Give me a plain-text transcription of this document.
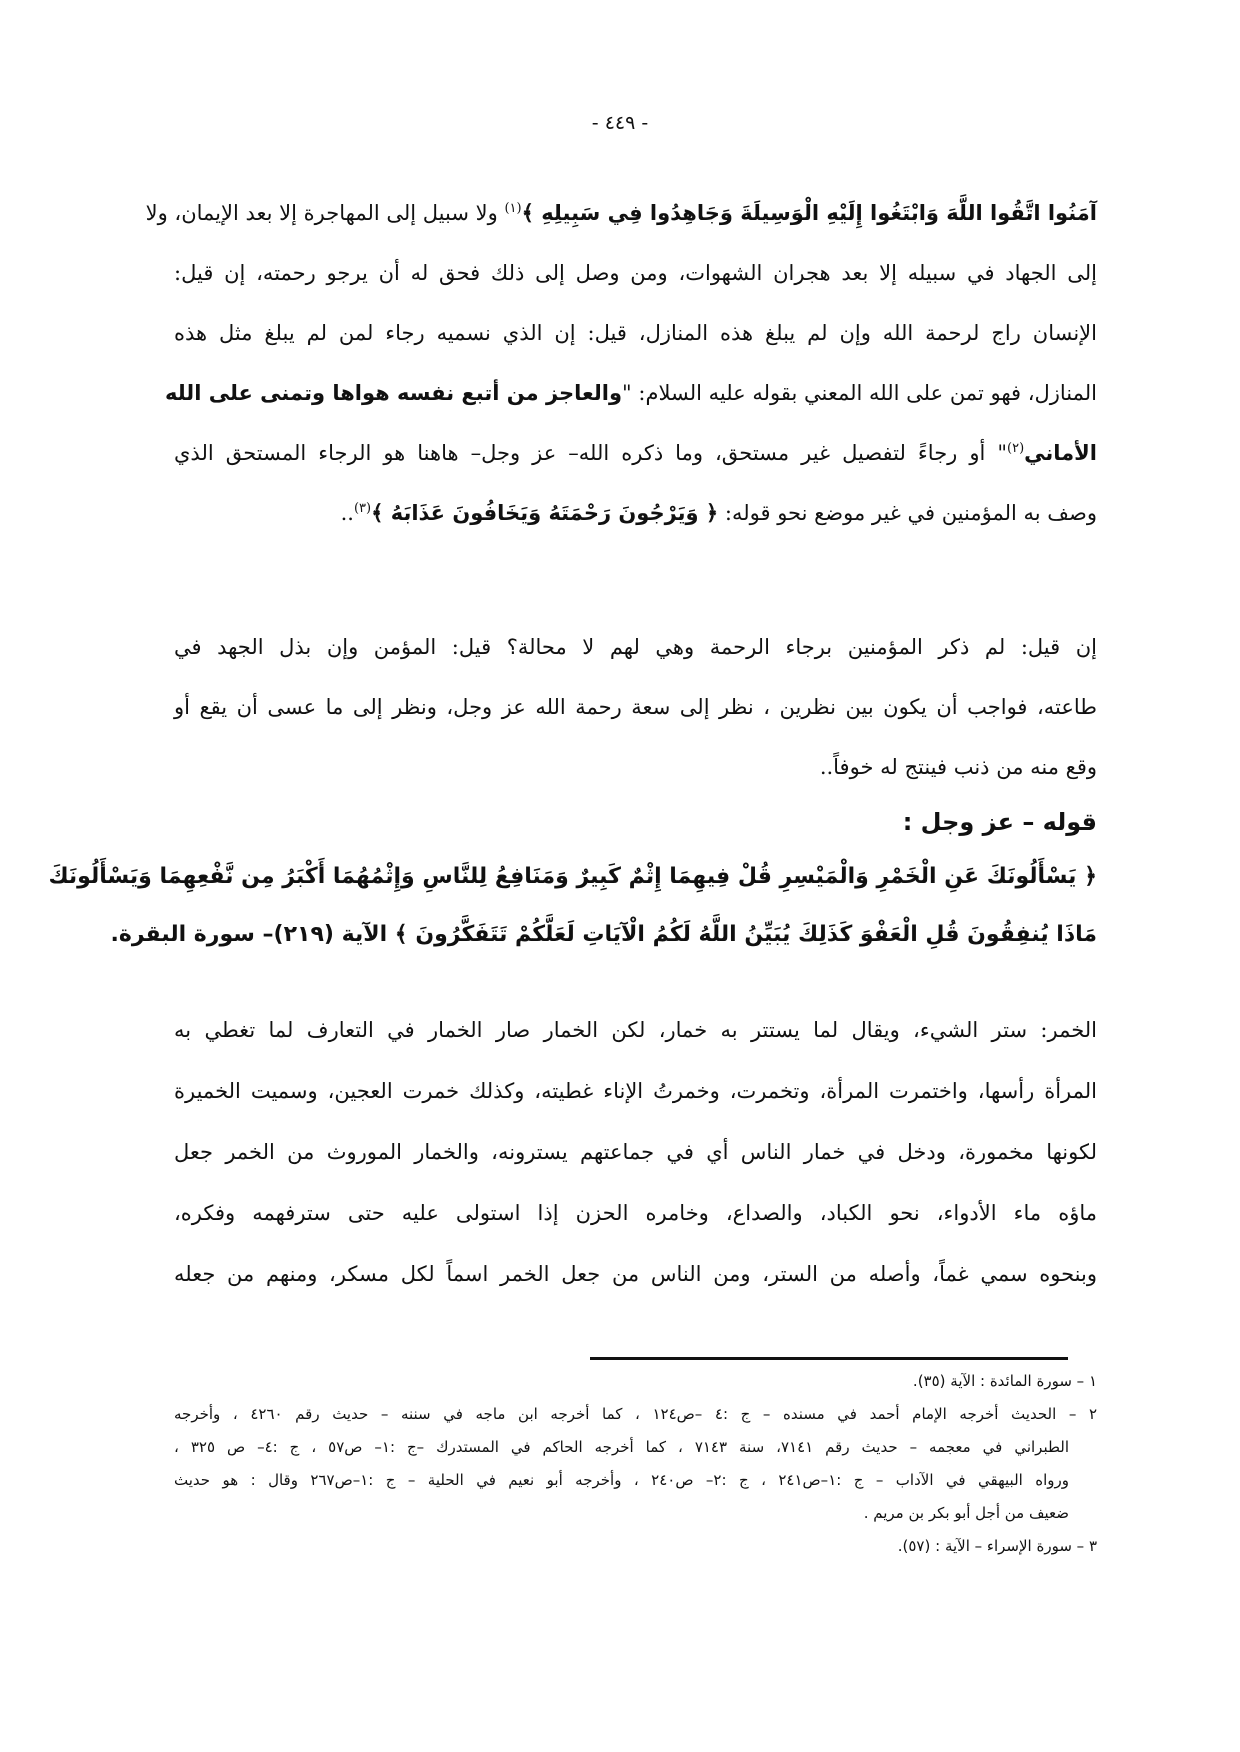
- ٤٤٩ -
آمَنُوا اتَّقُوا اللَّهَ وَابْتَغُوا إِلَيْهِ الْوَسِيلَةَ وَجَاهِدُوا فِي سَبِيلِهِ ﴾$^{(١)}$ ولا سبيل إلى المهاجرة إلا بعد الإيمان، ولا
إلى الجهاد في سبيله إلا بعد هجران الشهوات، ومن وصل إلى ذلك فحق له أن يرجو رحمته، إن قيل:
الإنسان راج لرحمة الله وإن لم يبلغ هذه المنازل، قيل: إن الذي نسميه رجاء لمن لم يبلغ مثل هذه
المنازل، فهو تمن على الله المعني بقوله عليه السلام: "والعاجز من أتبع نفسه هواها وتمنى على الله
الأماني$^{(٢)}$" أو رجاءً لتفصيل غير مستحق، وما ذكره الله– عز وجل– هاهنا هو الرجاء المستحق الذي
وصف به المؤمنين في غير موضع نحو قوله: ﴿ وَيَرْجُونَ رَحْمَتَهُ وَيَخَافُونَ عَذَابَهُ ﴾$^{(٣)}$..
إن قيل: لم ذكر المؤمنين برجاء الرحمة وهي لهم لا محالة؟ قيل: المؤمن وإن بذل الجهد في
طاعته، فواجب أن يكون بين نظرين ، نظر إلى سعة رحمة الله عز وجل، ونظر إلى ما عسى أن يقع أو
وقع منه من ذنب فينتج له خوفاً..
قوله – عز وجل :
﴿ يَسْأَلُونَكَ عَنِ الْخَمْرِ وَالْمَيْسِرِ قُلْ فِيهِمَا إِثْمٌ كَبِيرٌ وَمَنَافِعُ لِلنَّاسِ وَإِثْمُهُمَا أَكْبَرُ مِن نَّفْعِهِمَا وَيَسْأَلُونَكَ
مَاذَا يُنفِقُونَ قُلِ الْعَفْوَ كَذَلِكَ يُبَيِّنُ اللَّهُ لَكُمُ الْآيَاتِ لَعَلَّكُمْ تَتَفَكَّرُونَ ﴾ الآية (٢١٩)– سورة البقرة.
الخمر: ستر الشيء، ويقال لما يستتر به خمار، لكن الخمار صار الخمار في التعارف لما تغطي به
المرأة رأسها، واختمرت المرأة، وتخمرت، وخمرتُ الإناء غطيته، وكذلك خمرت العجين، وسميت الخميرة
لكونها مخمورة، ودخل في خمار الناس أي في جماعتهم يسترونه، والخمار الموروث من الخمر جعل
ماؤه ماء الأدواء، نحو الكباد، والصداع، وخامره الحزن إذا استولى عليه حتى سترفهمه وفكره،
وبنحوه سمي غماً، وأصله من الستر، ومن الناس من جعل الخمر اسماً لكل مسكر، ومنهم من جعله
١ – سورة المائدة : الآية (٣٥).
٢ – الحديث أخرجه الإمام أحمد في مسنده – ج :٤ –ص١٢٤ ، كما أخرجه ابن ماجه في سننه – حديث رقم ٤٢٦٠ ، وأخرجه
الطبراني في معجمه – حديث رقم ٧١٤١، سنة ٧١٤٣ ، كما أخرجه الحاكم في المستدرك –ج :١– ص٥٧ ، ج :٤– ص ٣٢٥ ،
ورواه البيهقي في الآداب – ج :١–ص٢٤١ ، ج :٢– ص٢٤٠ ، وأخرجه أبو نعيم في الحلية – ج :١–ص٢٦٧ وقال : هو حديث
ضعيف من أجل أبو بكر بن مريم .
٣ – سورة الإسراء – الآية : (٥٧).
